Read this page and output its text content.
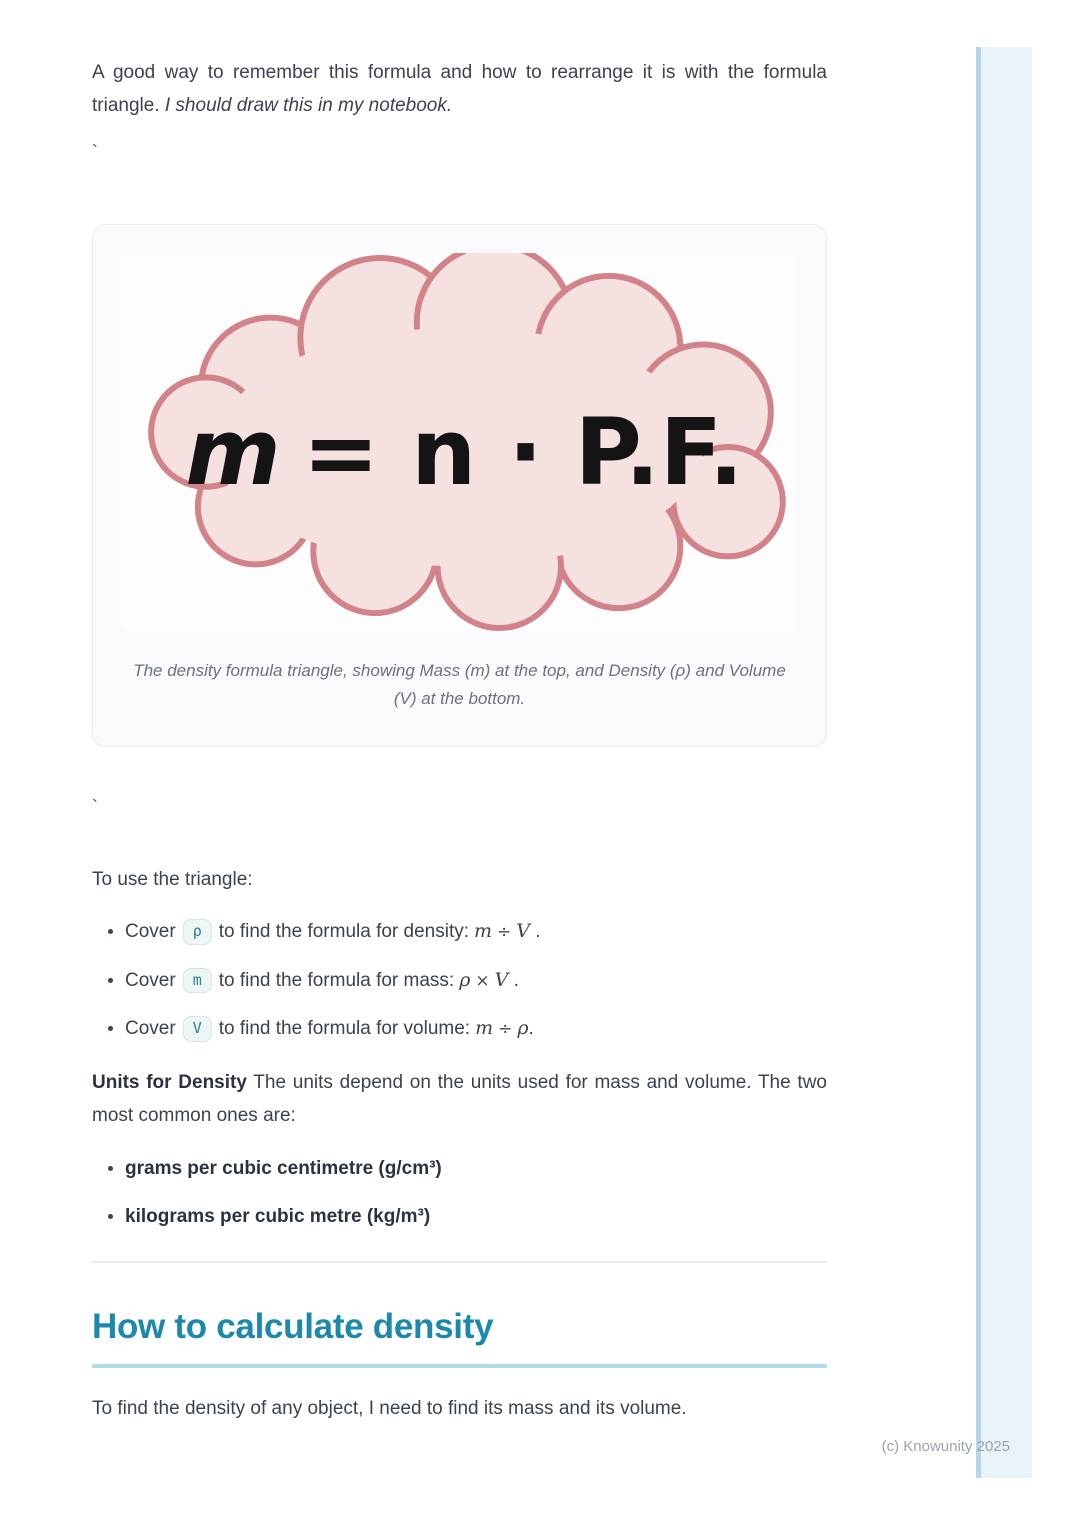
A good way to remember this formula and how to rearrange it is with the formula triangle. I should draw this in my notebook.

`
m = n · P.F.
The density formula triangle, showing Mass (m) at the top, and Density (ρ) and Volume (V) at the bottom.
`

To use the triangle:

• Cover ρ to find the formula for density: m ÷ V .
• Cover m to find the formula for mass: ρ × V .
• Cover V to find the formula for volume: m ÷ ρ.

Units for Density The units depend on the units used for mass and volume. The two most common ones are:

• grams per cubic centimetre (g/cm³)
• kilograms per cubic metre (kg/m³)
How to calculate density

To find the density of any object, I need to find its mass and its volume.

(c) Knowunity 2025
